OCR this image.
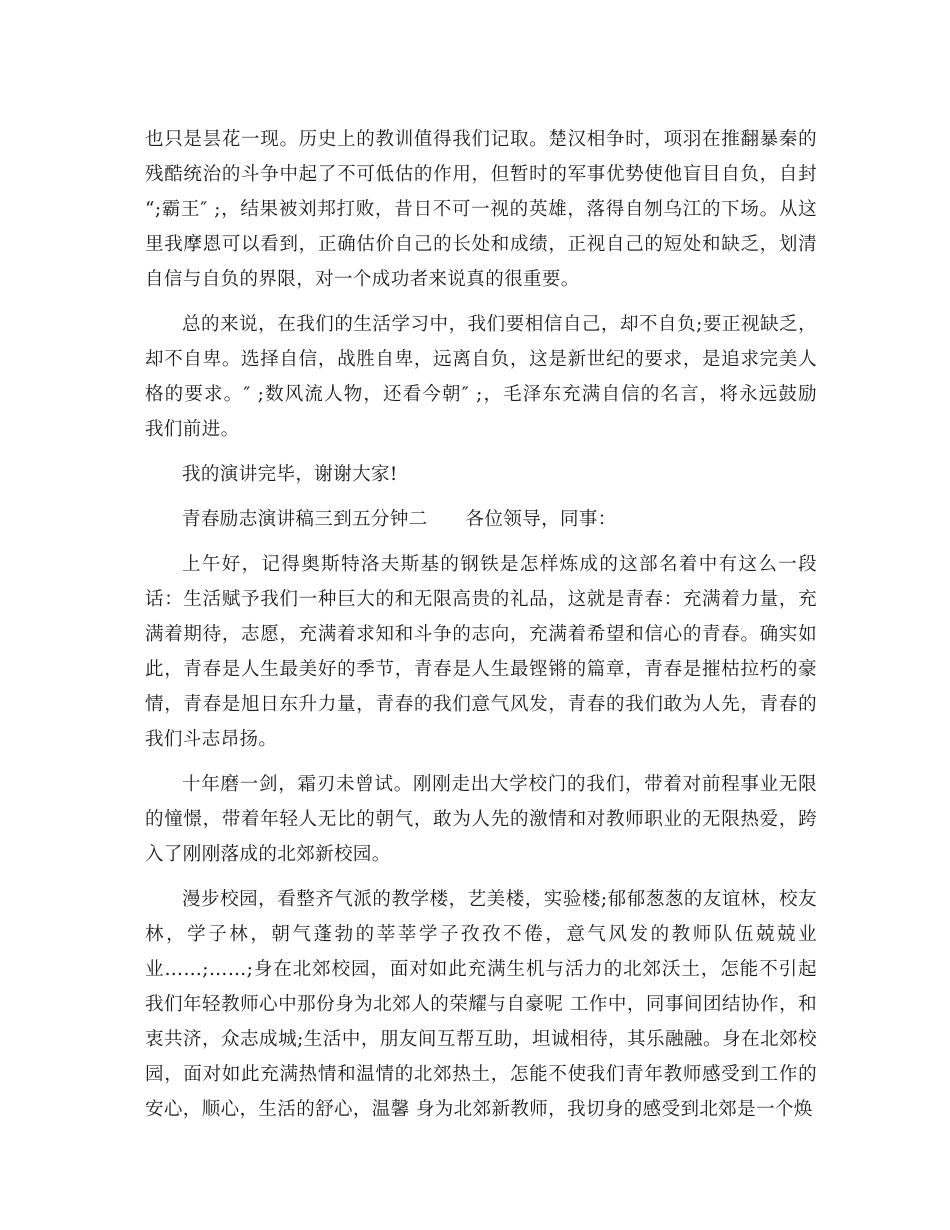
也只是昙花一现。历史上的教训值得我们记取。楚汉相争时，项羽在推翻暴秦的
残酷统治的斗争中起了不可低估的作用，但暂时的军事优势使他盲目自负，自封
“;霸王″ ;，结果被刘邦打败，昔日不可一视的英雄，落得自刎乌江的下场。从这
里我摩恩可以看到，正确估价自己的长处和成绩，正视自己的短处和缺乏，划清
自信与自负的界限，对一个成功者来说真的很重要。
总的来说，在我们的生活学习中，我们要相信自己，却不自负;要正视缺乏，
却不自卑。选择自信，战胜自卑，远离自负，这是新世纪的要求，是追求完美人
格的要求。″ ;数风流人物，还看今朝″ ;，毛泽东充满自信的名言，将永远鼓励
我们前进。
我的演讲完毕，谢谢大家!
青春励志演讲稿三到五分钟二　　各位领导，同事：
上午好，记得奥斯特洛夫斯基的钢铁是怎样炼成的这部名着中有这么一段
话：生活赋予我们一种巨大的和无限高贵的礼品，这就是青春：充满着力量，充
满着期待，志愿，充满着求知和斗争的志向，充满着希望和信心的青春。确实如
此，青春是人生最美好的季节，青春是人生最铿锵的篇章，青春是摧枯拉朽的豪
情，青春是旭日东升力量，青春的我们意气风发，青春的我们敢为人先，青春的
我们斗志昂扬。
十年磨一剑，霜刃未曾试。刚刚走出大学校门的我们，带着对前程事业无限
的憧憬，带着年轻人无比的朝气，敢为人先的激情和对教师职业的无限热爱，跨
入了刚刚落成的北郊新校园。
漫步校园，看整齐气派的教学楼，艺美楼，实验楼;郁郁葱葱的友谊林，校友
林，学子林，朝气蓬勃的莘莘学子孜孜不倦，意气风发的教师队伍兢兢业
业……;……;身在北郊校园，面对如此充满生机与活力的北郊沃土，怎能不引起
我们年轻教师心中那份身为北郊人的荣耀与自豪呢 工作中，同事间团结协作，和
衷共济，众志成城;生活中，朋友间互帮互助，坦诚相待，其乐融融。身在北郊校
园，面对如此充满热情和温情的北郊热土，怎能不使我们青年教师感受到工作的
安心，顺心，生活的舒心，温馨 身为北郊新教师，我切身的感受到北郊是一个焕
